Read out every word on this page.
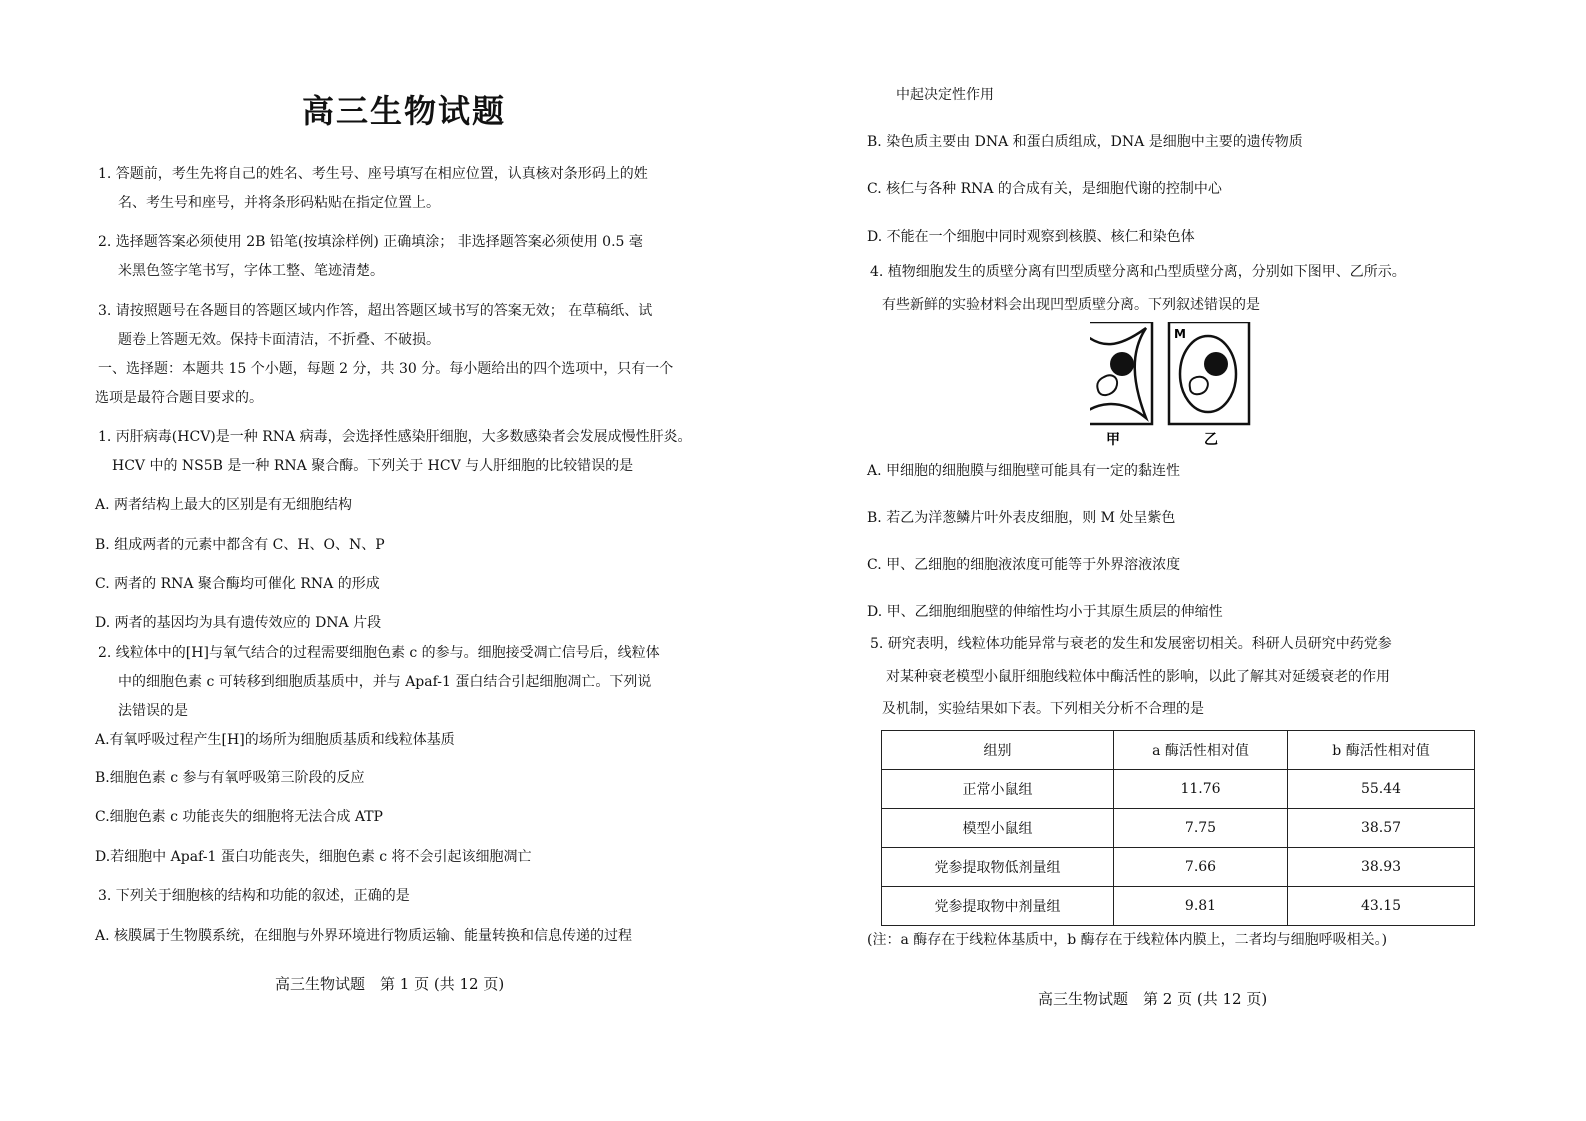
高三生物试题
1. 答题前，考生先将自己的姓名、考生号、座号填写在相应位置，认真核对条形码上的姓
名、考生号和座号，并将条形码粘贴在指定位置上。
2. 选择题答案必须使用 2B 铅笔(按填涂样例) 正确填涂； 非选择题答案必须使用 0.5 毫
米黑色签字笔书写，字体工整、笔迹清楚。
3. 请按照题号在各题目的答题区域内作答，超出答题区域书写的答案无效； 在草稿纸、试
题卷上答题无效。保持卡面清洁，不折叠、不破损。
一、选择题：本题共 15 个小题，每题 2 分，共 30 分。每小题给出的四个选项中，只有一个
选项是最符合题目要求的。
1. 丙肝病毒(HCV)是一种 RNA 病毒，会选择性感染肝细胞，大多数感染者会发展成慢性肝炎。
HCV 中的 NS5B 是一种 RNA 聚合酶。下列关于 HCV 与人肝细胞的比较错误的是
A. 两者结构上最大的区别是有无细胞结构
B. 组成两者的元素中都含有 C、H、O、N、P
C. 两者的 RNA 聚合酶均可催化 RNA 的形成
D. 两者的基因均为具有遗传效应的 DNA 片段
2. 线粒体中的[H]与氧气结合的过程需要细胞色素 c 的参与。细胞接受凋亡信号后，线粒体
中的细胞色素 c 可转移到细胞质基质中，并与 Apaf-1 蛋白结合引起细胞凋亡。下列说
法错误的是
A.有氧呼吸过程产生[H]的场所为细胞质基质和线粒体基质
B.细胞色素 c 参与有氧呼吸第三阶段的反应
C.细胞色素 c 功能丧失的细胞将无法合成 ATP
D.若细胞中 Apaf-1 蛋白功能丧失，细胞色素 c 将不会引起该细胞凋亡
3. 下列关于细胞核的结构和功能的叙述，正确的是
A. 核膜属于生物膜系统，在细胞与外界环境进行物质运输、能量转换和信息传递的过程
高三生物试题　第 1 页 (共 12 页)
中起决定性作用
B. 染色质主要由 DNA 和蛋白质组成，DNA 是细胞中主要的遗传物质
C. 核仁与各种 RNA 的合成有关，是细胞代谢的控制中心
D. 不能在一个细胞中同时观察到核膜、核仁和染色体
4. 植物细胞发生的质壁分离有凹型质壁分离和凸型质壁分离，分别如下图甲、乙所示。
有些新鲜的实验材料会出现凹型质壁分离。下列叙述错误的是
甲
M
乙
A. 甲细胞的细胞膜与细胞壁可能具有一定的黏连性
B. 若乙为洋葱鳞片叶外表皮细胞，则 M 处呈紫色
C. 甲、乙细胞的细胞液浓度可能等于外界溶液浓度
D. 甲、乙细胞细胞壁的伸缩性均小于其原生质层的伸缩性
5. 研究表明，线粒体功能异常与衰老的发生和发展密切相关。科研人员研究中药党参
对某种衰老模型小鼠肝细胞线粒体中酶活性的影响，以此了解其对延缓衰老的作用
及机制，实验结果如下表。下列相关分析不合理的是
组别	a 酶活性相对值	b 酶活性相对值
正常小鼠组	11.76	55.44
模型小鼠组	7.75	38.57
党参提取物低剂量组	7.66	38.93
党参提取物中剂量组	9.81	43.15
(注：a 酶存在于线粒体基质中，b 酶存在于线粒体内膜上，二者均与细胞呼吸相关。)
高三生物试题　第 2 页 (共 12 页)
